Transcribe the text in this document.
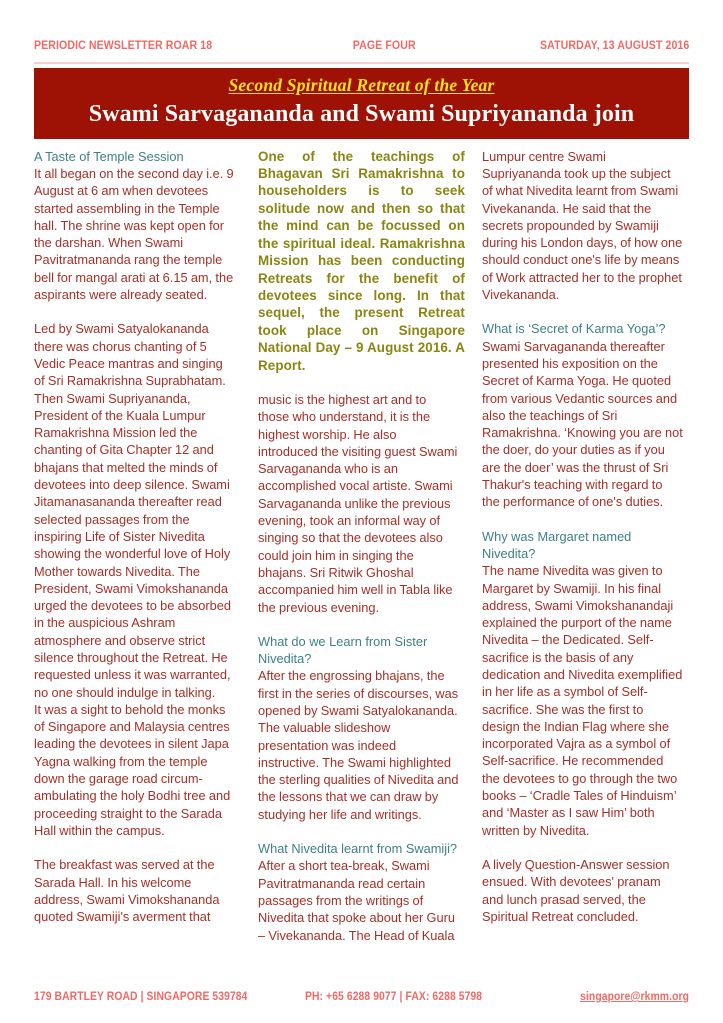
PERIODIC NEWSLETTER ROAR 18	PAGE FOUR	SATURDAY, 13 AUGUST 2016
Second Spiritual Retreat of the Year
Swami Sarvagananda and Swami Supriyananda join

A Taste of Temple Session

It all began on the second day i.e. 9 August at 6 am when devotees started assembling in the Temple hall. The shrine was kept open for the darshan. When Swami Pavitratmananda rang the temple bell for mangal arati at 6.15 am, the aspirants were already seated.

Led by Swami Satyalokananda there was chorus chanting of 5 Vedic Peace mantras and singing of Sri Ramakrishna Suprabhatam. Then Swami Supriyananda, President of the Kuala Lumpur Ramakrishna Mission led the chanting of Gita Chapter 12 and bhajans that melted the minds of devotees into deep silence. Swami Jitamanasananda thereafter read selected passages from the inspiring Life of Sister Nivedita showing the wonderful love of Holy Mother towards Nivedita. The President, Swami Vimokshananda urged the devotees to be absorbed in the auspicious Ashram atmosphere and observe strict silence throughout the Retreat. He requested unless it was warranted, no one should indulge in talking.

It was a sight to behold the monks of Singapore and Malaysia centres leading the devotees in silent Japa Yagna walking from the temple down the garage road circum-ambulating the holy Bodhi tree and proceeding straight to the Sarada Hall within the campus.

The breakfast was served at the Sarada Hall. In his welcome address, Swami Vimokshananda quoted Swamiji's averment that

One of the teachings of Bhagavan Sri Ramakrishna to householders is to seek solitude now and then so that the mind can be focussed on the spiritual ideal. Ramakrishna Mission has been conducting Retreats for the benefit of devotees since long. In that sequel, the present Retreat took place on Singapore National Day – 9 August 2016. A Report.

music is the highest art and to those who understand, it is the highest worship. He also introduced the visiting guest Swami Sarvagananda who is an accomplished vocal artiste. Swami Sarvagananda unlike the previous evening, took an informal way of singing so that the devotees also could join him in singing the bhajans. Sri Ritwik Ghoshal accompanied him well in Tabla like the previous evening.

What do we Learn from Sister Nivedita?

After the engrossing bhajans, the first in the series of discourses, was opened by Swami Satyalokananda. The valuable slideshow presentation was indeed instructive. The Swami highlighted the sterling qualities of Nivedita and the lessons that we can draw by studying her life and writings.

What Nivedita learnt from Swamiji?

After a short tea-break, Swami Pavitratmananda read certain passages from the writings of Nivedita that spoke about her Guru – Vivekananda. The Head of Kuala

Lumpur centre Swami Supriyananda took up the subject of what Nivedita learnt from Swami Vivekananda. He said that the secrets propounded by Swamiji during his London days, of how one should conduct one's life by means of Work attracted her to the prophet Vivekananda.

What is ‘Secret of Karma Yoga’?

Swami Sarvagananda thereafter presented his exposition on the Secret of Karma Yoga. He quoted from various Vedantic sources and also the teachings of Sri Ramakrishna. ‘Knowing you are not the doer, do your duties as if you are the doer’ was the thrust of Sri Thakur's teaching with regard to the performance of one's duties.

Why was Margaret named Nivedita?

The name Nivedita was given to Margaret by Swamiji. In his final address, Swami Vimokshanandaji explained the purport of the name Nivedita – the Dedicated. Self-sacrifice is the basis of any dedication and Nivedita exemplified in her life as a symbol of Self-sacrifice. She was the first to design the Indian Flag where she incorporated Vajra as a symbol of Self-sacrifice. He recommended the devotees to go through the two books – ‘Cradle Tales of Hinduism’ and ‘Master as I saw Him’ both written by Nivedita.

A lively Question-Answer session ensued. With devotees' pranam and lunch prasad served, the Spiritual Retreat concluded.

179 BARTLEY ROAD | SINGAPORE 539784	PH: +65 6288 9077 | FAX: 6288 5798	singapore@rkmm.org
